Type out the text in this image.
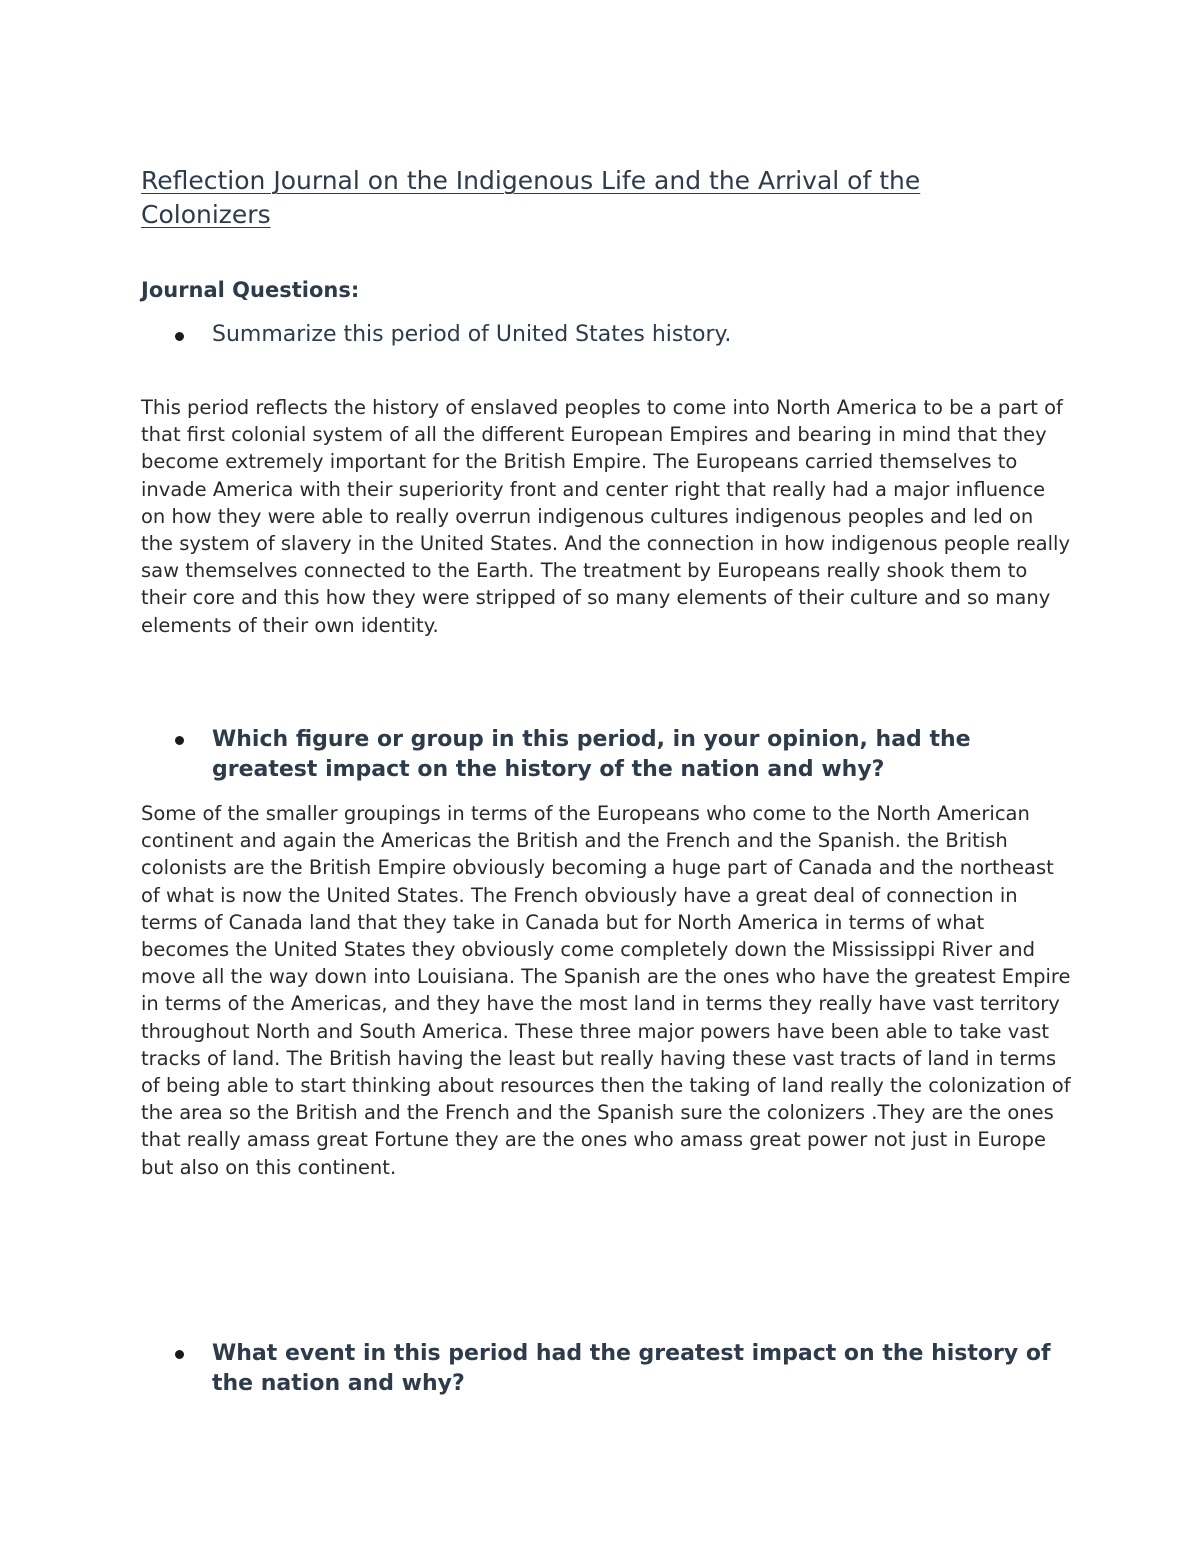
Reflection Journal on the Indigenous Life and the Arrival of the Colonizers
Journal Questions:

Summarize this period of United States history.

This period reflects the history of enslaved peoples to come into North America to be a part of that first colonial system of all the different European Empires and bearing in mind that they become extremely important for the British Empire. The Europeans carried themselves to invade America with their superiority front and center right that really had a major influence on how they were able to really overrun indigenous cultures indigenous peoples and led on the system of slavery in the United States. And the connection in how indigenous people really saw themselves connected to the Earth. The treatment by Europeans really shook them to their core and this how they were stripped of so many elements of their culture and so many elements of their own identity.

Which figure or group in this period, in your opinion, had the greatest impact on the history of the nation and why?

Some of the smaller groupings in terms of the Europeans who come to the North American continent and again the Americas the British and the French and the Spanish. the British colonists are the British Empire obviously becoming a huge part of Canada and the northeast of what is now the United States. The French obviously have a great deal of connection in terms of Canada land that they take in Canada but for North America in terms of what becomes the United States they obviously come completely down the Mississippi River and move all the way down into Louisiana. The Spanish are the ones who have the greatest Empire in terms of the Americas, and they have the most land in terms they really have vast territory throughout North and South America. These three major powers have been able to take vast tracks of land. The British having the least but really having these vast tracts of land in terms of being able to start thinking about resources then the taking of land really the colonization of the area so the British and the French and the Spanish sure the colonizers .They are the ones that really amass great Fortune they are the ones who amass great power not just in Europe but also on this continent.

What event in this period had the greatest impact on the history of the nation and why?
